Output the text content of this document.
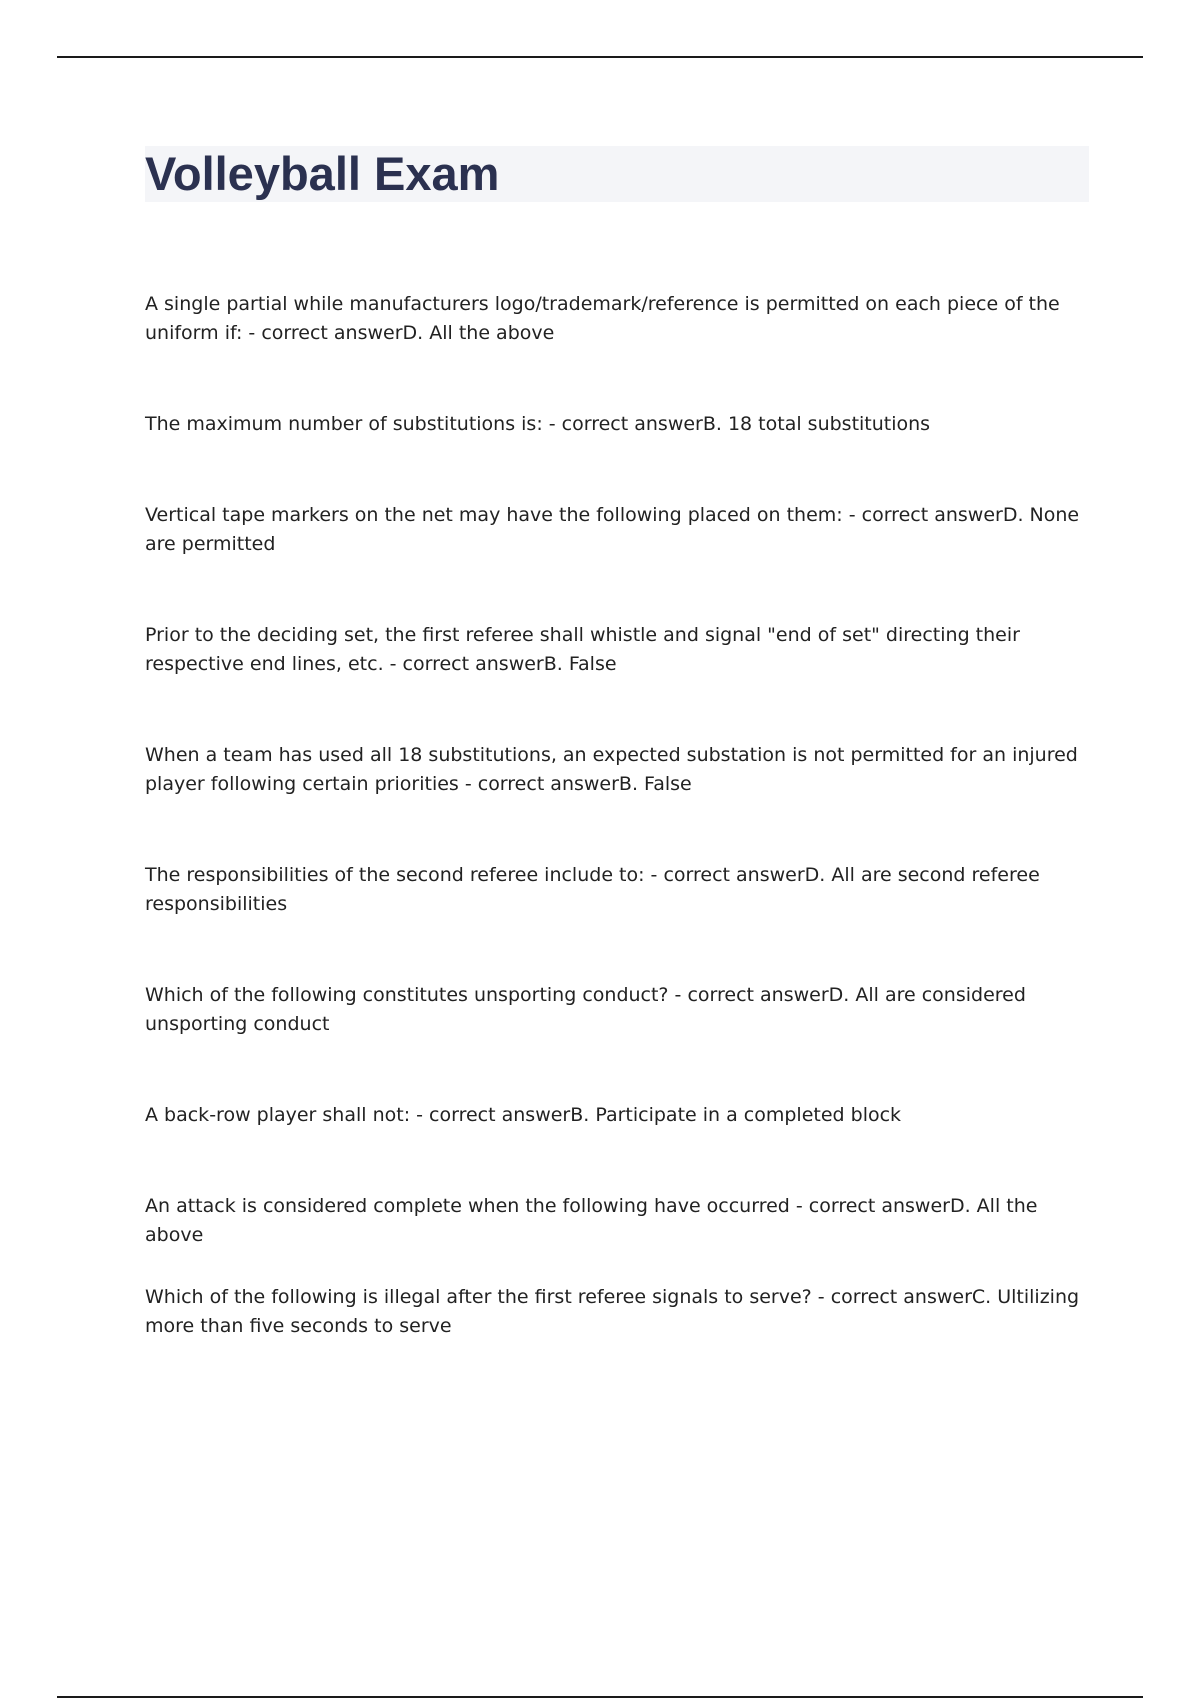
Volleyball Exam

A single partial while manufacturers logo/trademark/reference is permitted on each piece of the uniform if: - correct answerD. All the above

The maximum number of substitutions is: - correct answerB. 18 total substitutions

Vertical tape markers on the net may have the following placed on them: - correct answerD. None are permitted

Prior to the deciding set, the first referee shall whistle and signal "end of set" directing their respective end lines, etc. - correct answerB. False

When a team has used all 18 substitutions, an expected substation is not permitted for an injured player following certain priorities - correct answerB. False

The responsibilities of the second referee include to: - correct answerD. All are second referee responsibilities

Which of the following constitutes unsporting conduct? - correct answerD. All are considered unsporting conduct

A back-row player shall not: - correct answerB. Participate in a completed block

An attack is considered complete when the following have occurred - correct answerD. All the above

Which of the following is illegal after the first referee signals to serve? - correct answerC. Ultilizing more than five seconds to serve
